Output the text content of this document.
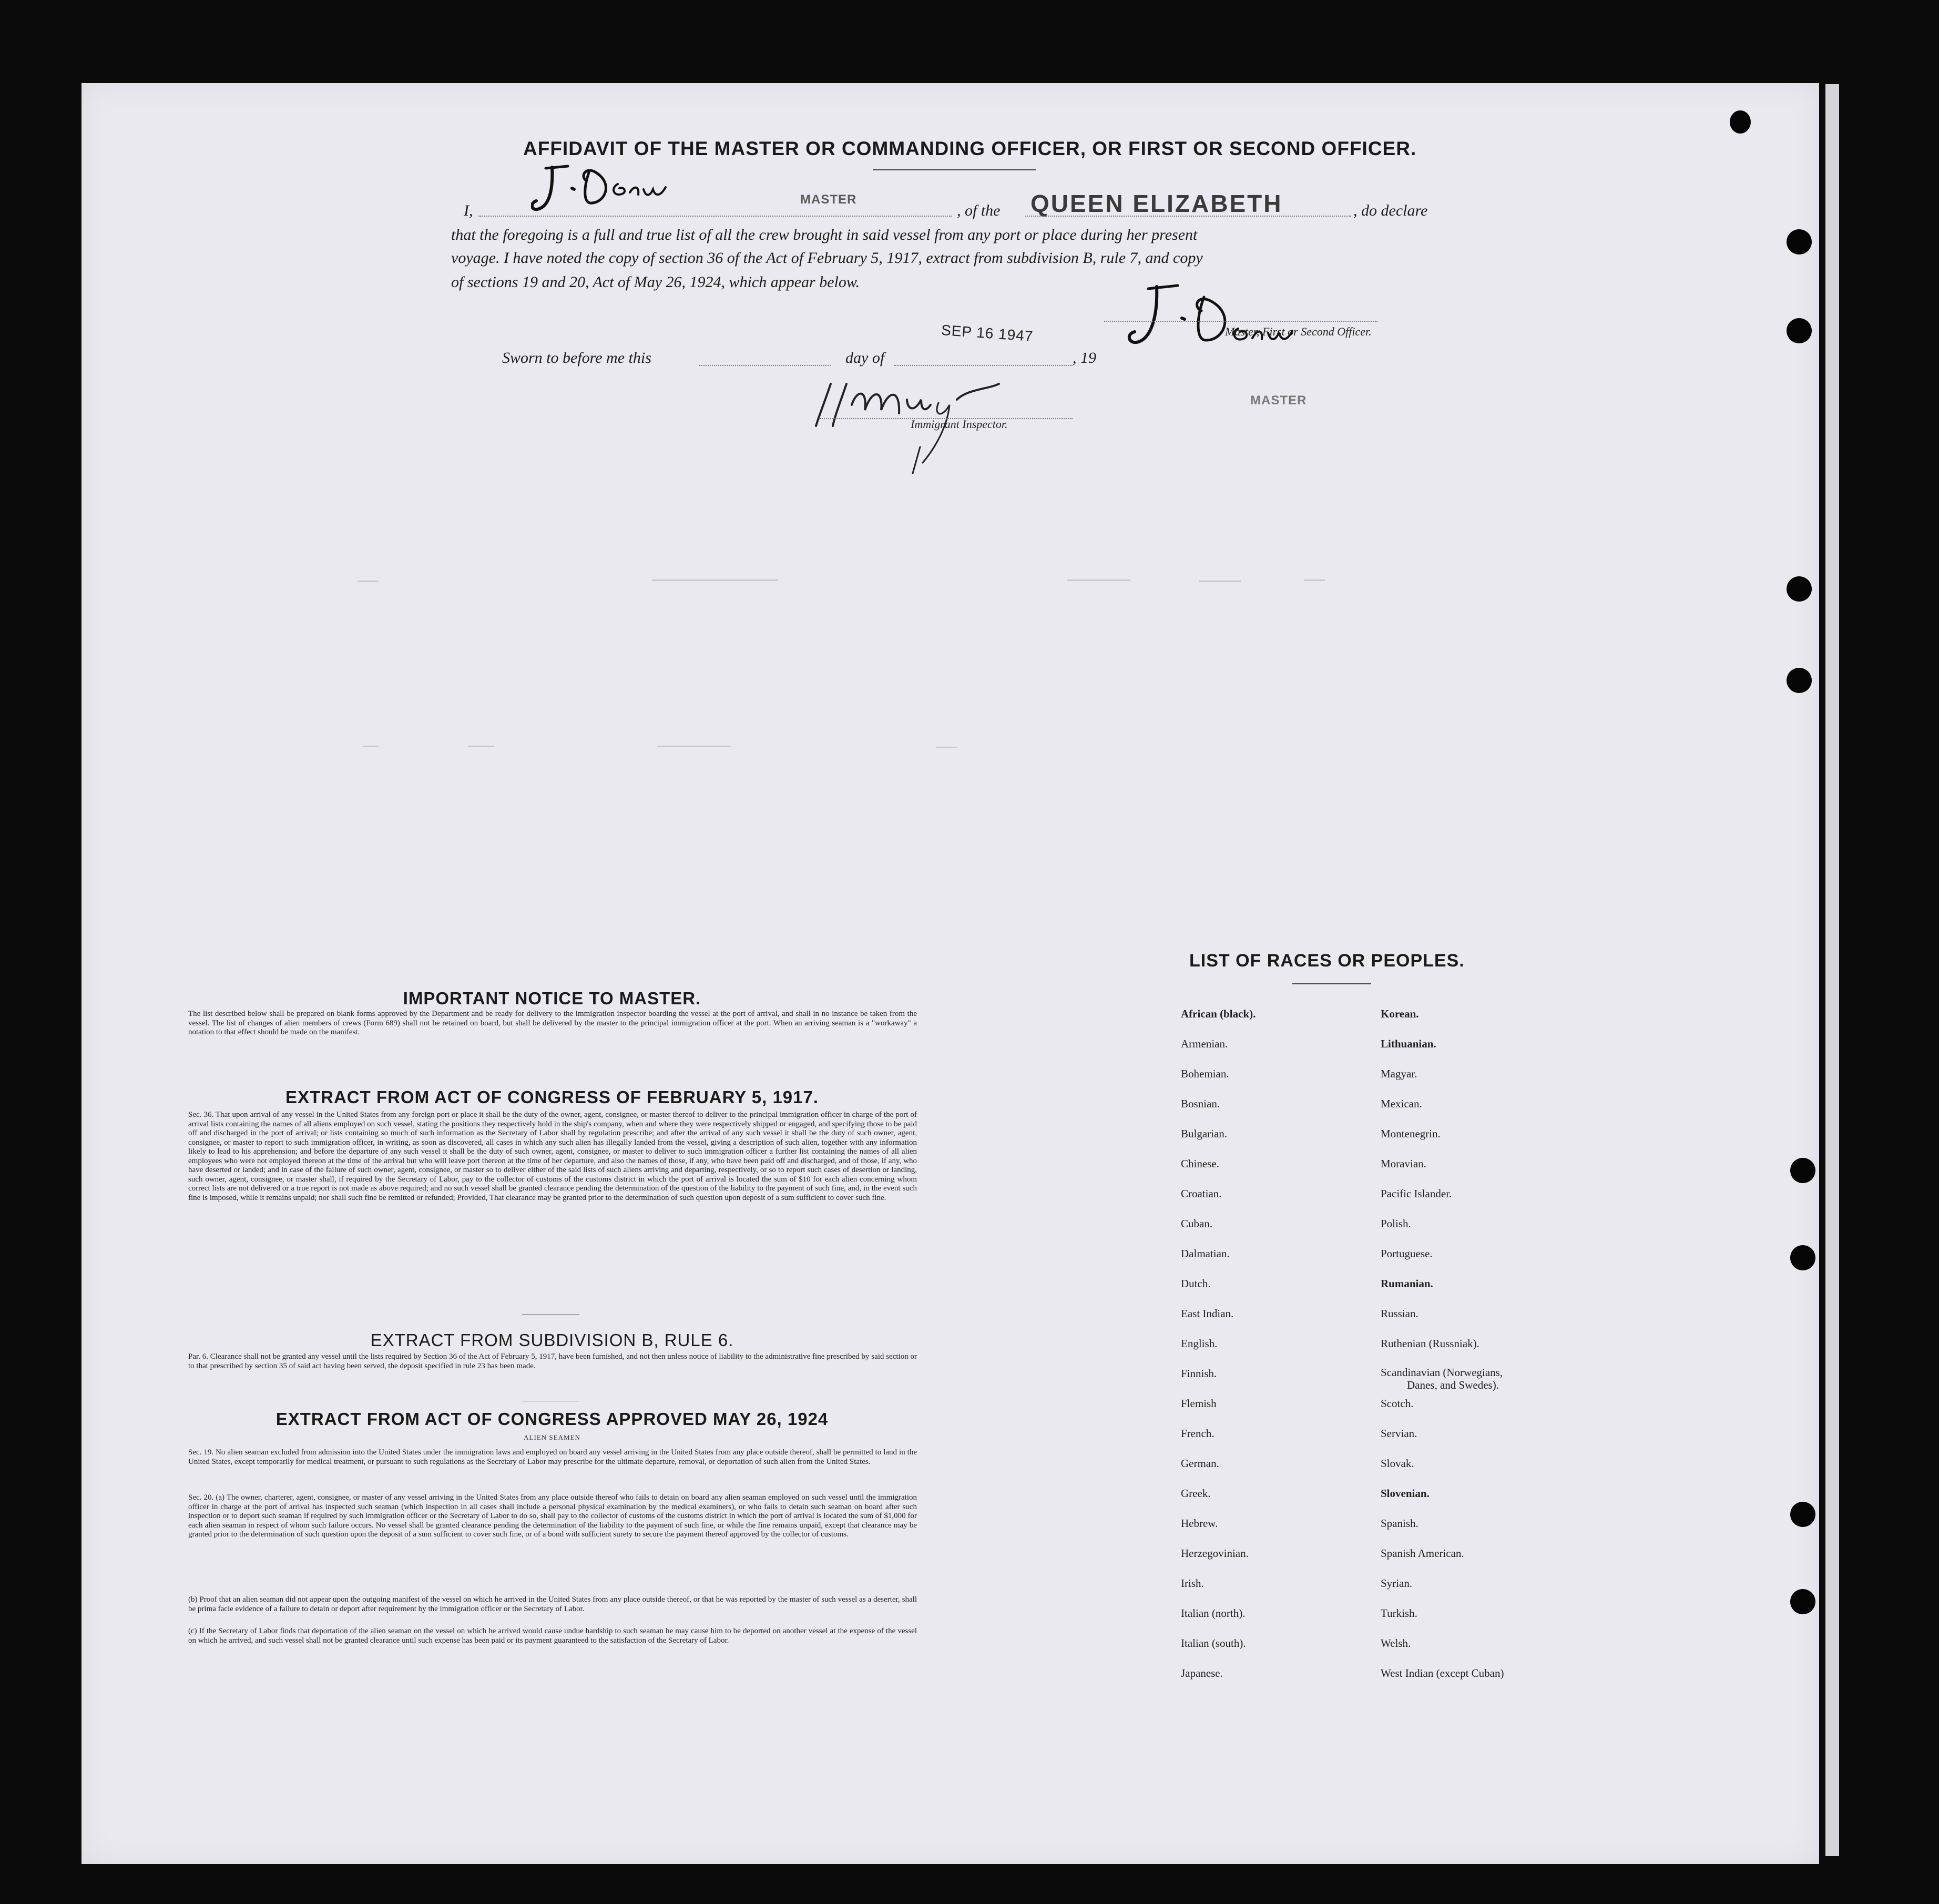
AFFIDAVIT OF THE MASTER OR COMMANDING OFFICER, OR FIRST OR SECOND OFFICER.
I,
MASTER
, of the QUEEN ELIZABETH	, do declare
that the foregoing is a full and true list of all the crew brought in said vessel from any port or place during her present
voyage. I have noted the copy of section 36 of the Act of February 5, 1917, extract from subdivision B, rule 7, and copy
of sections 19 and 20, Act of May 26, 1924, which appear below.
Master, First or Second Officer.
SEP 16 1947
Sworn to before me this	day of	, 19
Immigrant Inspector.
MASTER
IMPORTANT NOTICE TO MASTER.
The list described below shall be prepared on blank forms approved by the Department and be ready for delivery to the immigration inspector boarding the vessel at the port of arrival, and shall in no instance be taken from the vessel. The list of changes of alien members of crews (Form 689) shall not be retained on board, but shall be delivered by the master to the principal immigration officer at the port. When an arriving seaman is a "workaway" a notation to that effect should be made on the manifest.
EXTRACT FROM ACT OF CONGRESS OF FEBRUARY 5, 1917.
Sec. 36. That upon arrival of any vessel in the United States from any foreign port or place it shall be the duty of the owner, agent, consignee, or master thereof to deliver to the principal immigration officer in charge of the port of arrival lists containing the names of all aliens employed on such vessel, stating the positions they respectively hold in the ship's company, when and where they were respectively shipped or engaged, and specifying those to be paid off and discharged in the port of arrival; or lists containing so much of such information as the Secretary of Labor shall by regulation prescribe; and after the arrival of any such vessel it shall be the duty of such owner, agent, consignee, or master to report to such immigration officer, in writing, as soon as discovered, all cases in which any such alien has illegally landed from the vessel, giving a description of such alien, together with any information likely to lead to his apprehension; and before the departure of any such vessel it shall be the duty of such owner, agent, consignee, or master to deliver to such immigration officer a further list containing the names of all alien employees who were not employed thereon at the time of the arrival but who will leave port thereon at the time of her departure, and also the names of those, if any, who have been paid off and discharged, and of those, if any, who have deserted or landed; and in case of the failure of such owner, agent, consignee, or master so to deliver either of the said lists of such aliens arriving and departing, respectively, or so to report such cases of desertion or landing, such owner, agent, consignee, or master shall, if required by the Secretary of Labor, pay to the collector of customs of the customs district in which the port of arrival is located the sum of $10 for each alien concerning whom correct lists are not delivered or a true report is not made as above required; and no such vessel shall be granted clearance pending the determination of the question of the liability to the payment of such fine, and, in the event such fine is imposed, while it remains unpaid; nor shall such fine be remitted or refunded; Provided, That clearance may be granted prior to the determination of such question upon deposit of a sum sufficient to cover such fine.
EXTRACT FROM SUBDIVISION B, RULE 6.
Par. 6. Clearance shall not be granted any vessel until the lists required by Section 36 of the Act of February 5, 1917, have been furnished, and not then unless notice of liability to the administrative fine prescribed by said section or to that prescribed by section 35 of said act having been served, the deposit specified in rule 23 has been made.
EXTRACT FROM ACT OF CONGRESS APPROVED MAY 26, 1924
ALIEN SEAMEN
Sec. 19. No alien seaman excluded from admission into the United States under the immigration laws and employed on board any vessel arriving in the United States from any place outside thereof, shall be permitted to land in the United States, except temporarily for medical treatment, or pursuant to such regulations as the Secretary of Labor may prescribe for the ultimate departure, removal, or deportation of such alien from the United States.
Sec. 20. (a) The owner, charterer, agent, consignee, or master of any vessel arriving in the United States from any place outside thereof who fails to detain on board any alien seaman employed on such vessel until the immigration officer in charge at the port of arrival has inspected such seaman (which inspection in all cases shall include a personal physical examination by the medical examiners), or who fails to detain such seaman on board after such inspection or to deport such seaman if required by such immigration officer or the Secretary of Labor to do so, shall pay to the collector of customs of the customs district in which the port of arrival is located the sum of $1,000 for each alien seaman in respect of whom such failure occurs. No vessel shall be granted clearance pending the determination of the liability to the payment of such fine, or while the fine remains unpaid, except that clearance may be granted prior to the determination of such question upon the deposit of a sum sufficient to cover such fine, or of a bond with sufficient surety to secure the payment thereof approved by the collector of customs.
(b) Proof that an alien seaman did not appear upon the outgoing manifest of the vessel on which he arrived in the United States from any place outside thereof, or that he was reported by the master of such vessel as a deserter, shall be prima facie evidence of a failure to detain or deport after requirement by the immigration officer or the Secretary of Labor.
(c) If the Secretary of Labor finds that deportation of the alien seaman on the vessel on which he arrived would cause undue hardship to such seaman he may cause him to be deported on another vessel at the expense of the vessel on which he arrived, and such vessel shall not be granted clearance until such expense has been paid or its payment guaranteed to the satisfaction of the Secretary of Labor.
LIST OF RACES OR PEOPLES.
African (black).
Armenian.
Bohemian.
Bosnian.
Bulgarian.
Chinese.
Croatian.
Cuban.
Dalmatian.
Dutch.
East Indian.
English.
Finnish.
Flemish
French.
German.
Greek.
Hebrew.
Herzegovinian.
Irish.
Italian (north).
Italian (south).
Japanese.
Korean.
Lithuanian.
Magyar.
Mexican.
Montenegrin.
Moravian.
Pacific Islander.
Polish.
Portuguese.
Rumanian.
Russian.
Ruthenian (Russniak).
Scandinavian (Norwegians,
Danes, and Swedes).
Scotch.
Servian.
Slovak.
Slovenian.
Spanish.
Spanish American.
Syrian.
Turkish.
Welsh.
West Indian (except Cuban)
